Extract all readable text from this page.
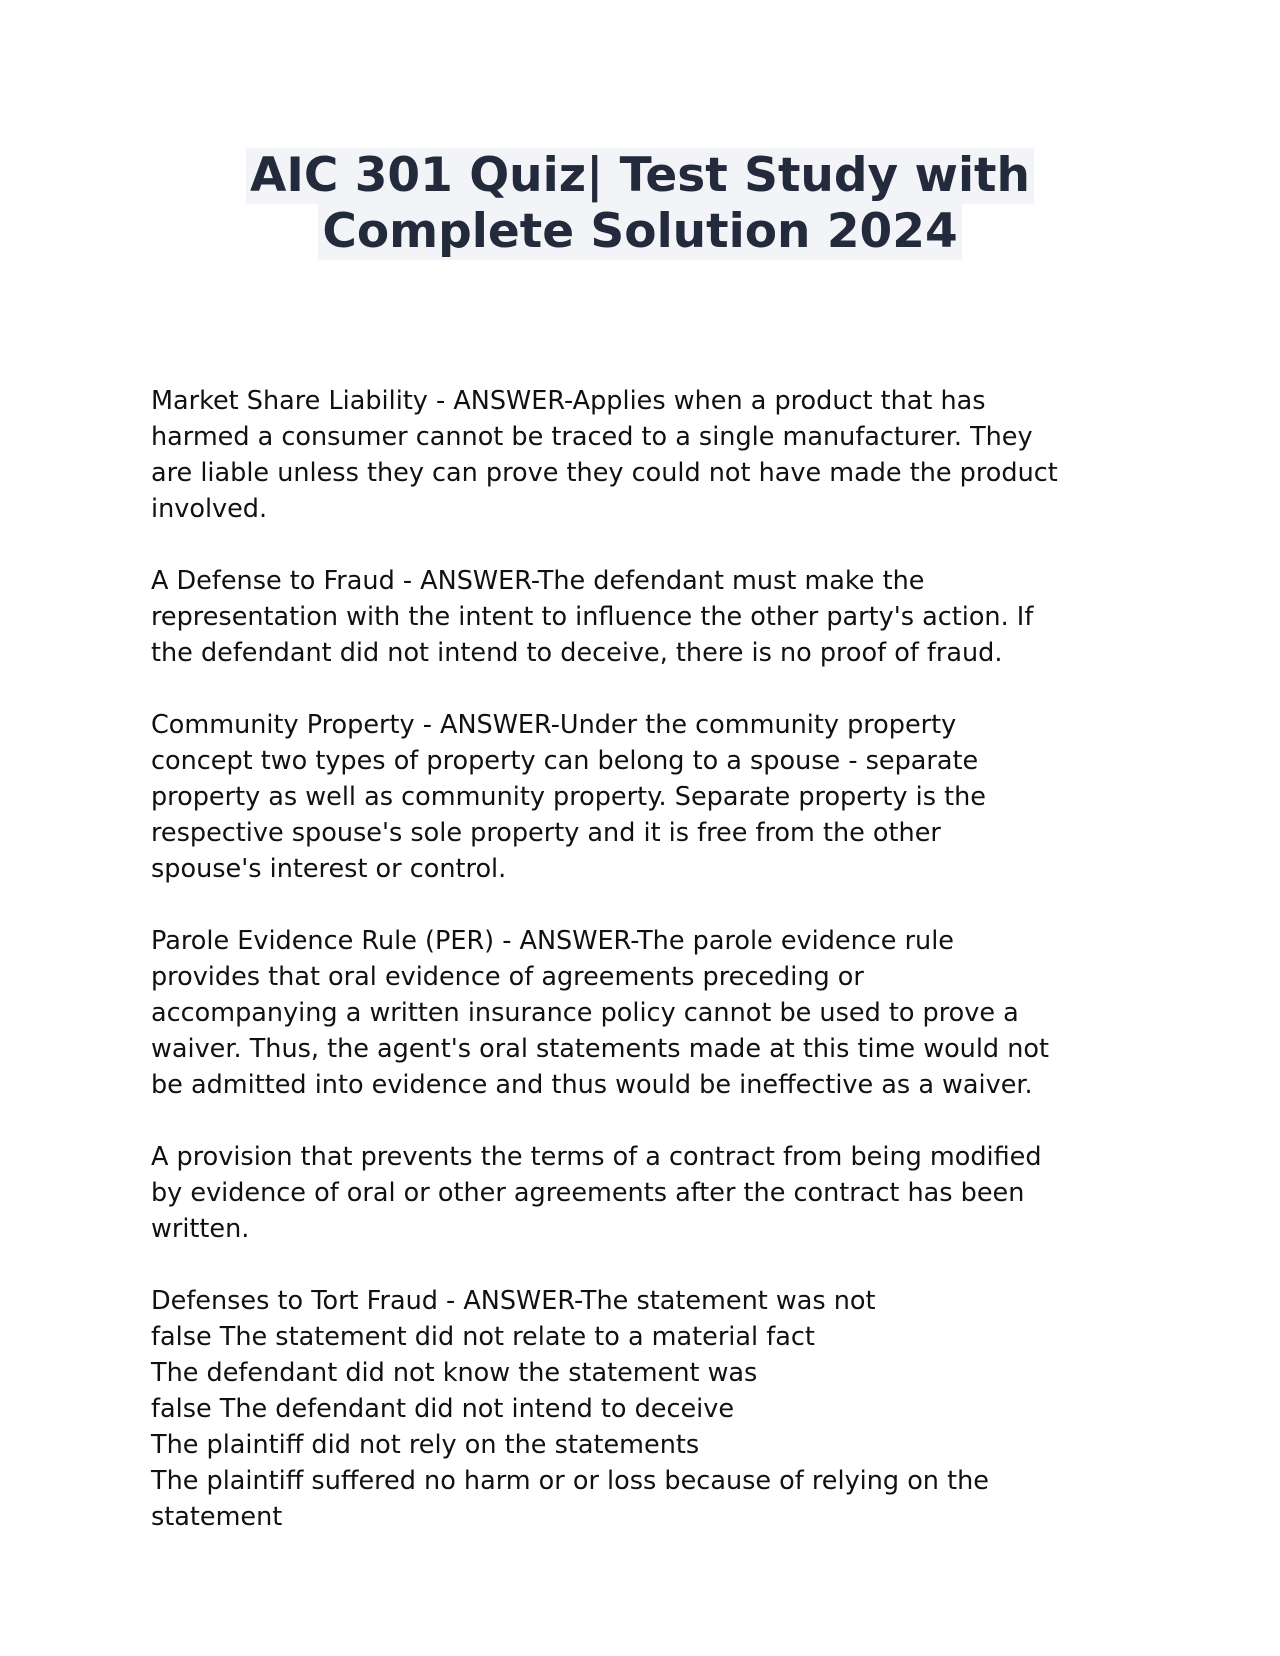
AIC 301 Quiz| Test Study with
Complete Solution 2024

Market Share Liability - ANSWER-Applies when a product that has
harmed a consumer cannot be traced to a single manufacturer. They
are liable unless they can prove they could not have made the product
involved.

A Defense to Fraud - ANSWER-The defendant must make the
representation with the intent to influence the other party's action. If
the defendant did not intend to deceive, there is no proof of fraud.

Community Property - ANSWER-Under the community property
concept two types of property can belong to a spouse - separate
property as well as community property. Separate property is the
respective spouse's sole property and it is free from the other
spouse's interest or control.

Parole Evidence Rule (PER) - ANSWER-The parole evidence rule
provides that oral evidence of agreements preceding or
accompanying a written insurance policy cannot be used to prove a
waiver. Thus, the agent's oral statements made at this time would not
be admitted into evidence and thus would be ineffective as a waiver.

A provision that prevents the terms of a contract from being modified
by evidence of oral or other agreements after the contract has been
written.

Defenses to Tort Fraud - ANSWER-The statement was not
false The statement did not relate to a material fact
The defendant did not know the statement was
false The defendant did not intend to deceive
The plaintiff did not rely on the statements
The plaintiff suffered no harm or or loss because of relying on the
statement
